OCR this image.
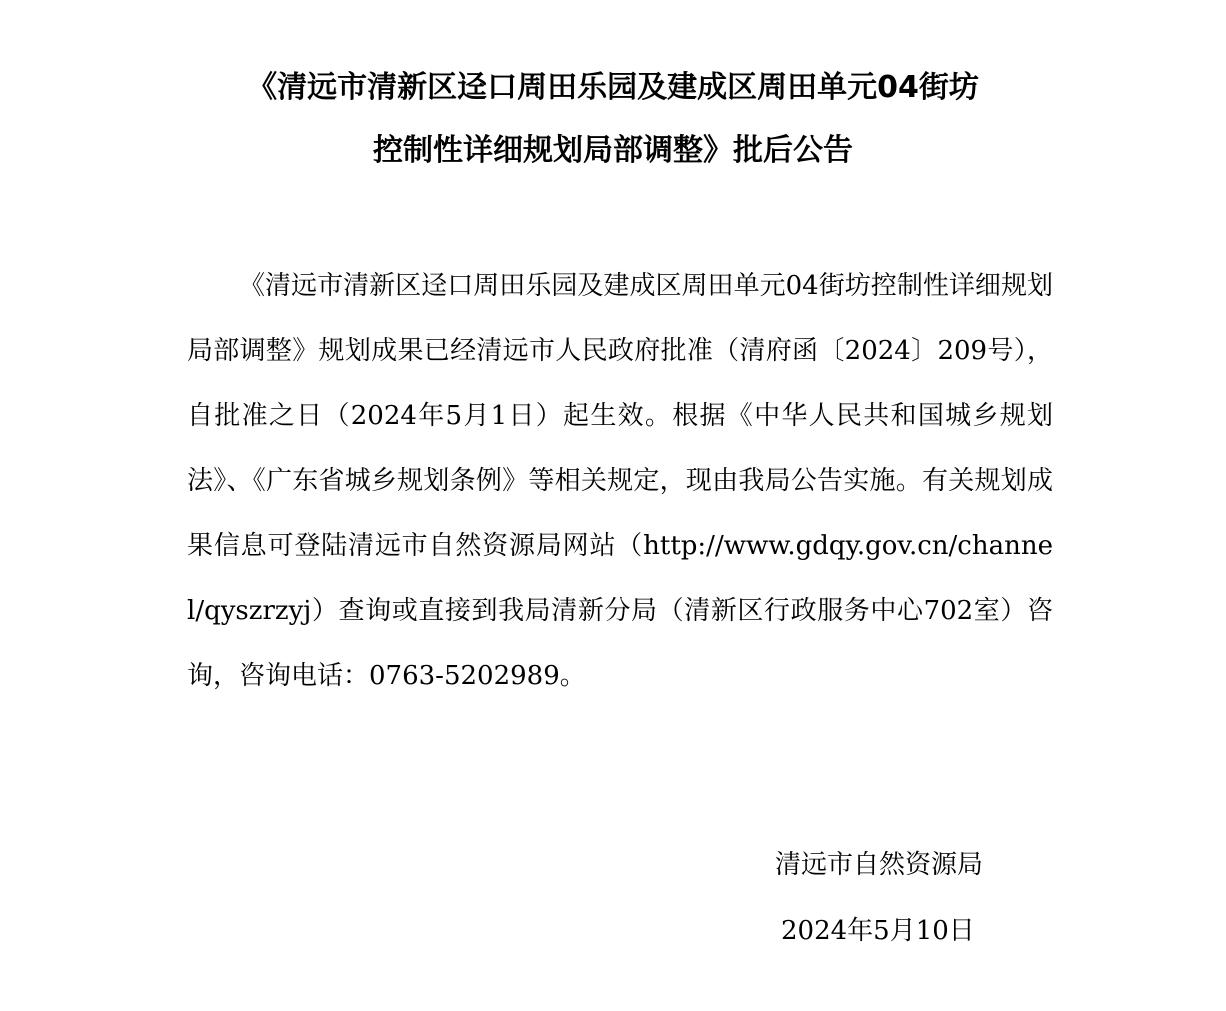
《清远市清新区迳口周田乐园及建成区周田单元04街坊
控制性详细规划局部调整》批后公告

《清远市清新区迳口周田乐园及建成区周田单元04街坊控制性详细规划局部调整》规划成果已经清远市人民政府批准（清府函〔2024〕209号），自批准之日（2024年5月1日）起生效。根据《中华人民共和国城乡规划法》、《广东省城乡规划条例》等相关规定，现由我局公告实施。有关规划成果信息可登陆清远市自然资源局网站（http://www.gdqy.gov.cn/channel/qyszrzyj）查询或直接到我局清新分局（清新区行政服务中心702室）咨询，咨询电话：0763-5202989。

清远市自然资源局
2024年5月10日
